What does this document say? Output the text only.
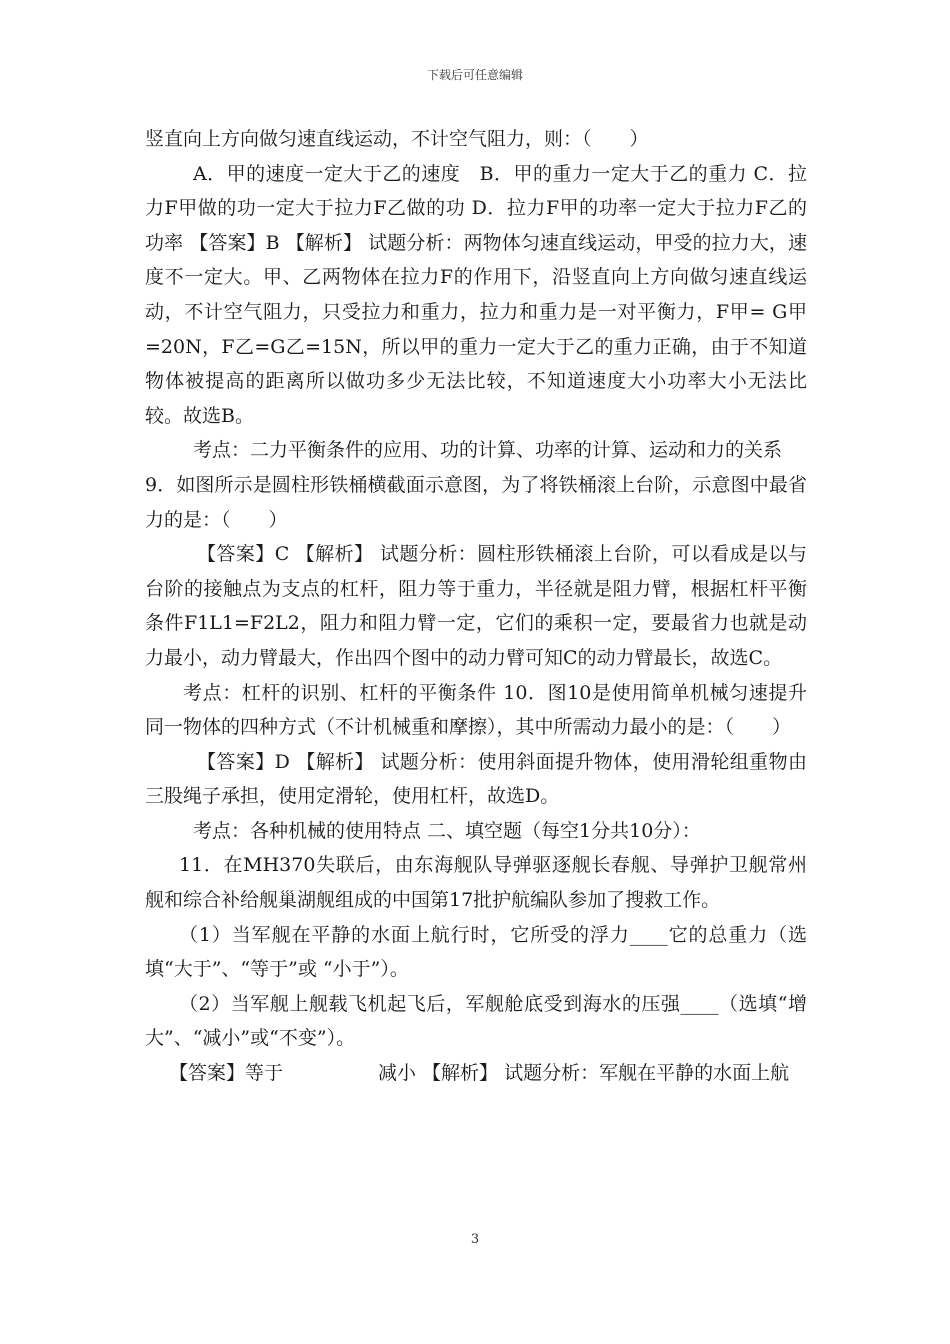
下载后可任意编辑

竖直向上方向做匀速直线运动，不计空气阻力，则：（　　）

A．甲的速度一定大于乙的速度　B．甲的重力一定大于乙的重力 C．拉力F甲做的功一定大于拉力F乙做的功 D．拉力F甲的功率一定大于拉力F乙的功率 【答案】B 【解析】 试题分析：两物体匀速直线运动，甲受的拉力大，速度不一定大。甲、乙两物体在拉力F的作用下，沿竖直向上方向做匀速直线运动，不计空气阻力，只受拉力和重力，拉力和重力是一对平衡力，F甲= G甲=20N，F乙=G乙=15N，所以甲的重力一定大于乙的重力正确，由于不知道物体被提高的距离所以做功多少无法比较，不知道速度大小功率大小无法比较。故选B。

考点：二力平衡条件的应用、功的计算、功率的计算、运动和力的关系

9．如图所示是圆柱形铁桶横截面示意图，为了将铁桶滚上台阶，示意图中最省力的是：（　　）

【答案】C 【解析】 试题分析：圆柱形铁桶滚上台阶，可以看成是以与台阶的接触点为支点的杠杆，阻力等于重力，半径就是阻力臂，根据杠杆平衡条件F1L1=F2L2，阻力和阻力臂一定，它们的乘积一定，要最省力也就是动力最小，动力臂最大，作出四个图中的动力臂可知C的动力臂最长，故选C。

考点：杠杆的识别、杠杆的平衡条件 10．图10是使用简单机械匀速提升同一物体的四种方式（不计机械重和摩擦），其中所需动力最小的是：（　　）

【答案】D 【解析】 试题分析：使用斜面提升物体，使用滑轮组重物由三股绳子承担，使用定滑轮，使用杠杆，故选D。

考点：各种机械的使用特点 二、填空题（每空1分共10分）：

11．在MH370失联后，由东海舰队导弹驱逐舰长春舰、导弹护卫舰常州舰和综合补给舰巢湖舰组成的中国第17批护航编队参加了搜救工作。

（1）当军舰在平静的水面上航行时，它所受的浮力____它的总重力（选填“大于”、“等于”或 “小于”）。

（2）当军舰上舰载飞机起飞后，军舰舱底受到海水的压强____（选填“增大”、“减小”或“不变”）。

【答案】等于　　　　　减小 【解析】 试题分析：军舰在平静的水面上航

3
